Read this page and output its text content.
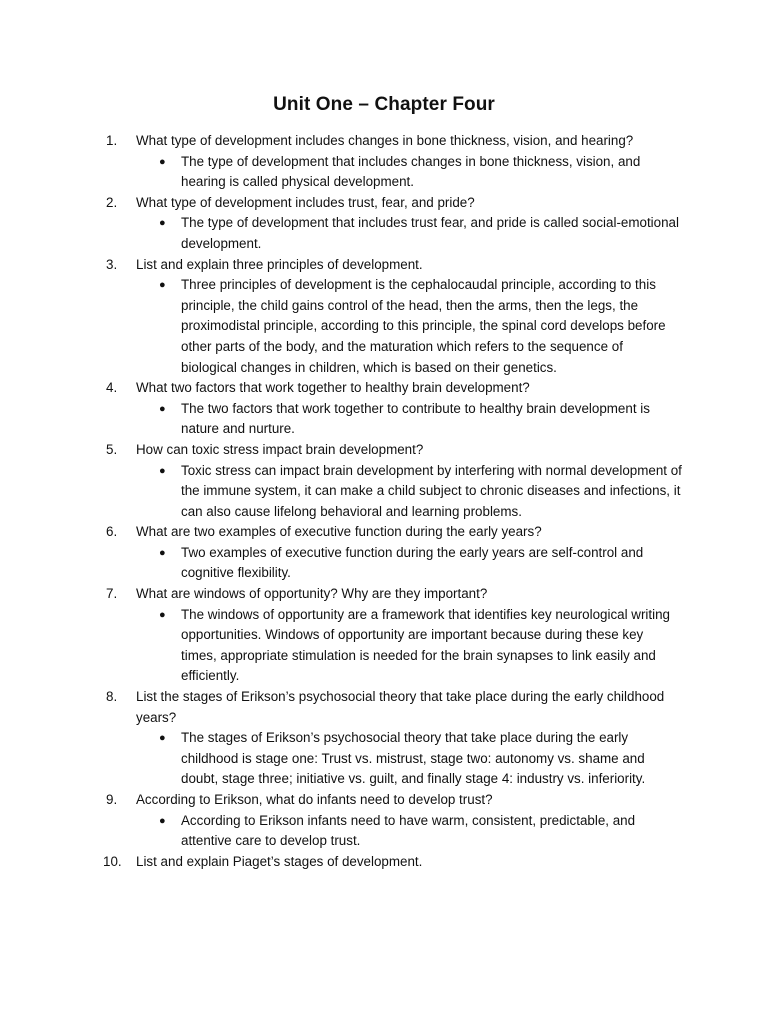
Unit One – Chapter Four
1.	What type of development includes changes in bone thickness, vision, and hearing?
● The type of development that includes changes in bone thickness, vision, and hearing is called physical development.
2.	What type of development includes trust, fear, and pride?
● The type of development that includes trust fear, and pride is called social-emotional development.
3.	List and explain three principles of development.
● Three principles of development is the cephalocaudal principle, according to this principle, the child gains control of the head, then the arms, then the legs, the proximodistal principle, according to this principle, the spinal cord develops before other parts of the body, and the maturation which refers to the sequence of biological changes in children, which is based on their genetics.
4.	What two factors that work together to healthy brain development?
● The two factors that work together to contribute to healthy brain development is nature and nurture.
5.	How can toxic stress impact brain development?
● Toxic stress can impact brain development by interfering with normal development of the immune system, it can make a child subject to chronic diseases and infections, it can also cause lifelong behavioral and learning problems.
6.	What are two examples of executive function during the early years?
● Two examples of executive function during the early years are self-control and cognitive flexibility.
7.	What are windows of opportunity? Why are they important?
● The windows of opportunity are a framework that identifies key neurological writing opportunities. Windows of opportunity are important because during these key times, appropriate stimulation is needed for the brain synapses to link easily and efficiently.
8.	List the stages of Erikson’s psychosocial theory that take place during the early childhood years?
● The stages of Erikson’s psychosocial theory that take place during the early childhood is stage one: Trust vs. mistrust, stage two: autonomy vs. shame and doubt, stage three; initiative vs. guilt, and finally stage 4: industry vs. inferiority.
9.	According to Erikson, what do infants need to develop trust?
● According to Erikson infants need to have warm, consistent, predictable, and attentive care to develop trust.
10.	List and explain Piaget’s stages of development.
